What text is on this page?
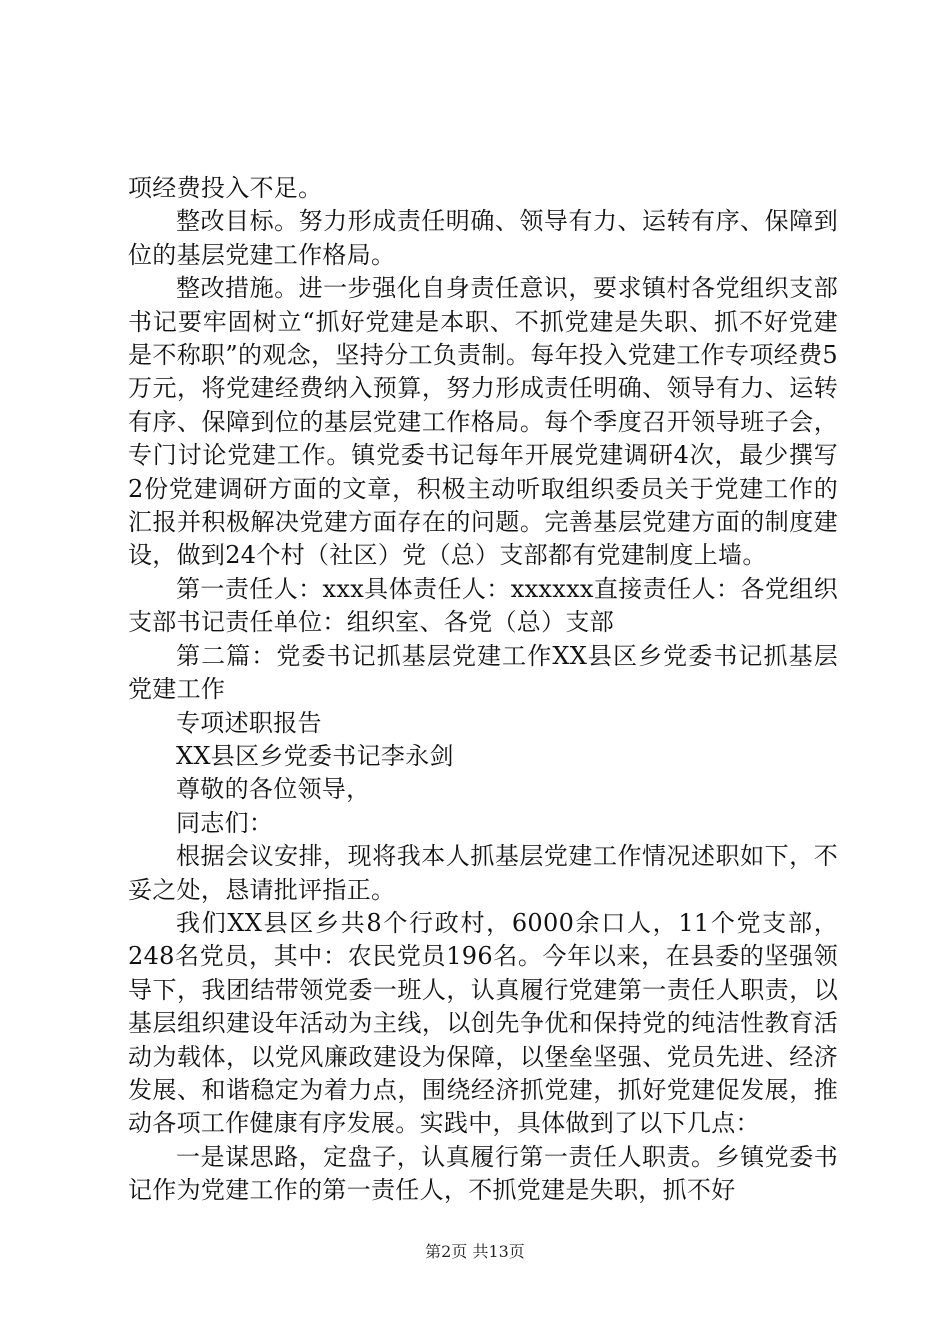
项经费投入不足。

整改目标。努力形成责任明确、领导有力、运转有序、保障到位的基层党建工作格局。

整改措施。进一步强化自身责任意识，要求镇村各党组织支部书记要牢固树立“抓好党建是本职、不抓党建是失职、抓不好党建是不称职”的观念，坚持分工负责制。每年投入党建工作专项经费5万元，将党建经费纳入预算，努力形成责任明确、领导有力、运转有序、保障到位的基层党建工作格局。每个季度召开领导班子会，专门讨论党建工作。镇党委书记每年开展党建调研4次，最少撰写2份党建调研方面的文章，积极主动听取组织委员关于党建工作的汇报并积极解决党建方面存在的问题。完善基层党建方面的制度建设，做到24个村（社区）党（总）支部都有党建制度上墙。

第一责任人：xxx具体责任人：xxxxxx直接责任人：各党组织支部书记责任单位：组织室、各党（总）支部

第二篇：党委书记抓基层党建工作XX县区乡党委书记抓基层党建工作

专项述职报告

XX县区乡党委书记李永剑

尊敬的各位领导，

同志们：

根据会议安排，现将我本人抓基层党建工作情况述职如下，不妥之处，恳请批评指正。

我们XX县区乡共8个行政村，6000余口人，11个党支部，248名党员，其中：农民党员196名。今年以来，在县委的坚强领导下，我团结带领党委一班人，认真履行党建第一责任人职责，以基层组织建设年活动为主线，以创先争优和保持党的纯洁性教育活动为载体，以党风廉政建设为保障，以堡垒坚强、党员先进、经济发展、和谐稳定为着力点，围绕经济抓党建，抓好党建促发展，推动各项工作健康有序发展。实践中，具体做到了以下几点：

一是谋思路，定盘子，认真履行第一责任人职责。乡镇党委书记作为党建工作的第一责任人，不抓党建是失职，抓不好

第2页 共13页
